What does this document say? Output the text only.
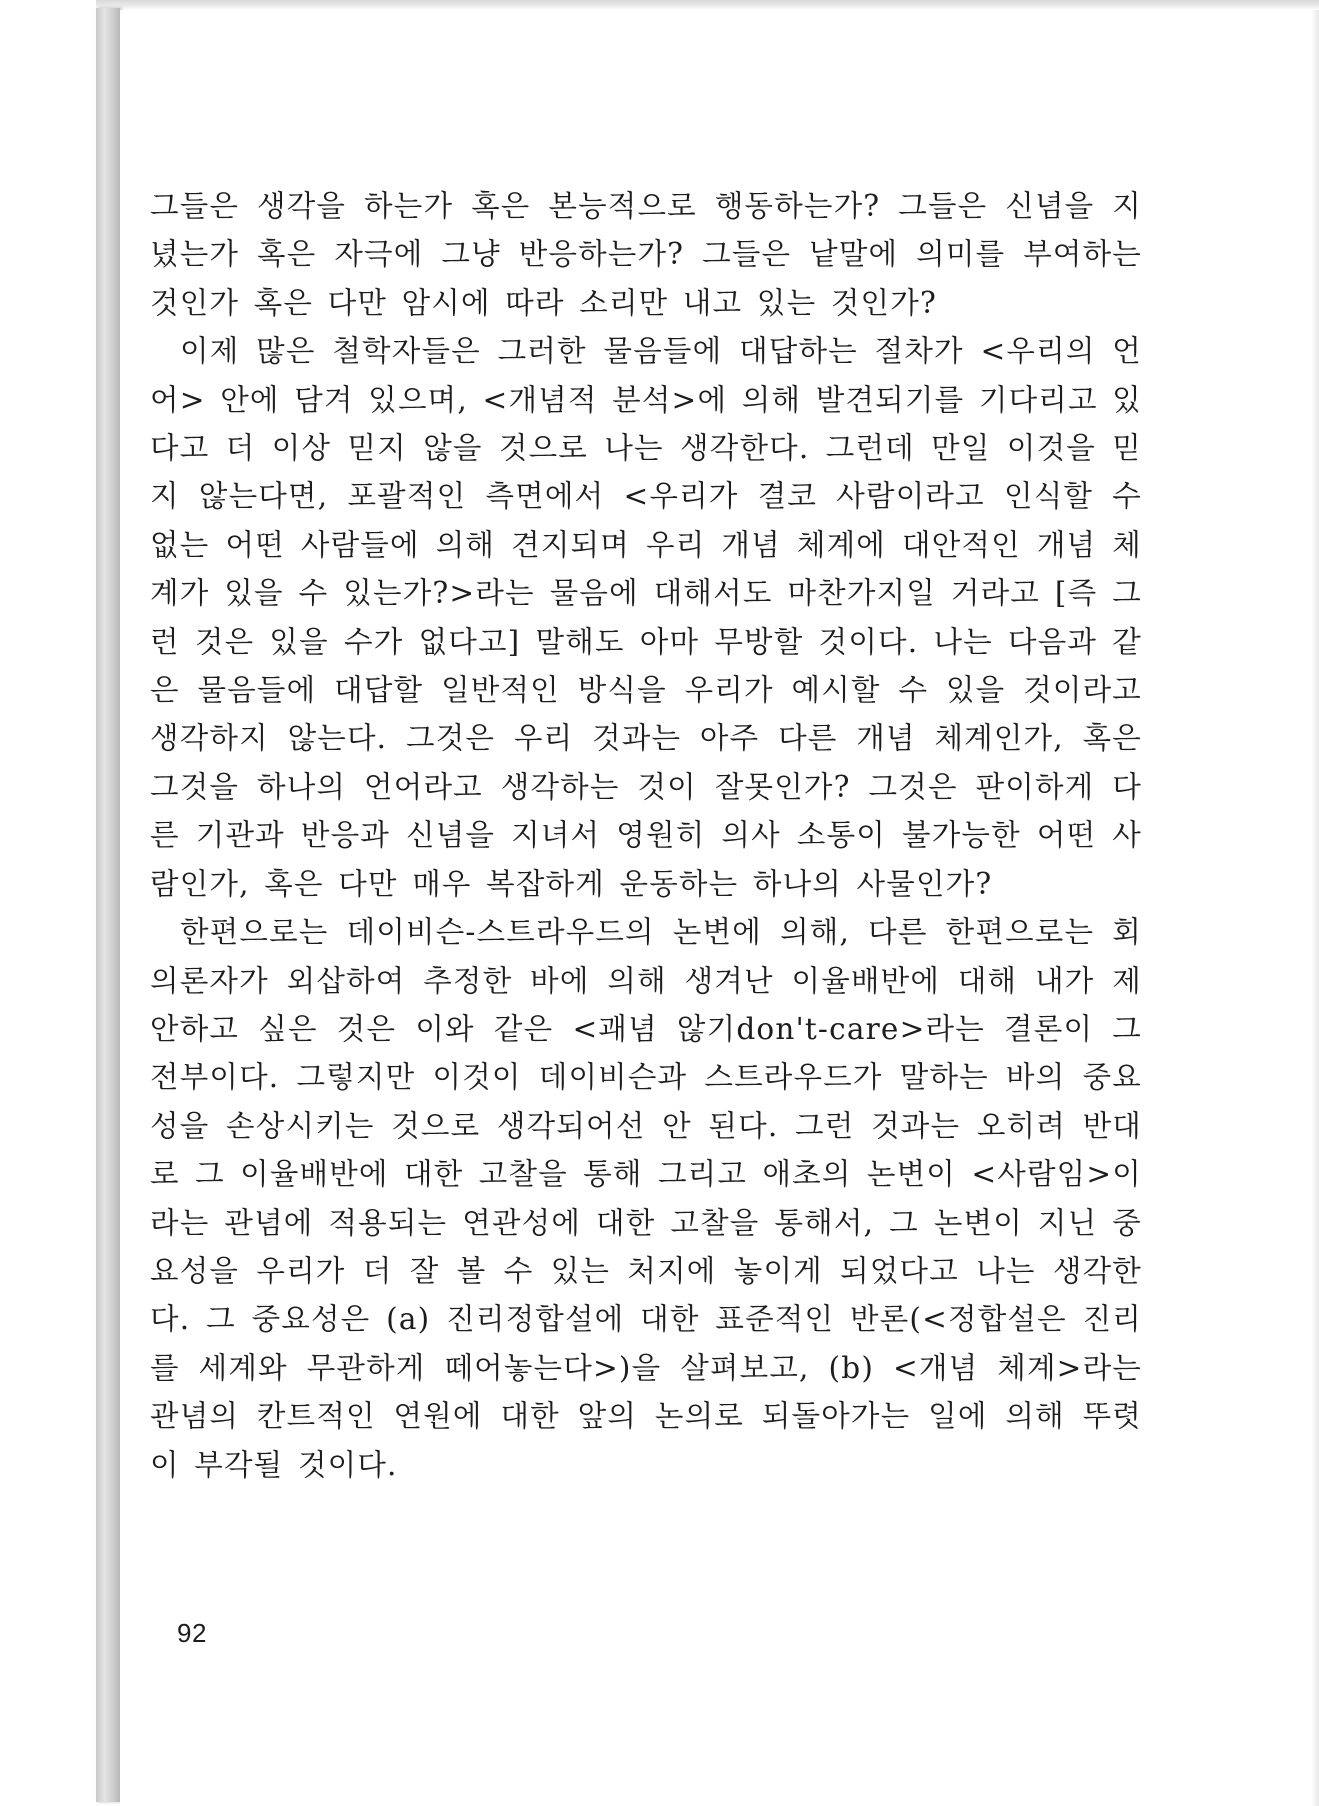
그들은 생각을 하는가 혹은 본능적으로 행동하는가? 그들은 신념을 지녔는가 혹은 자극에 그냥 반응하는가? 그들은 낱말에 의미를 부여하는 것인가 혹은 다만 암시에 따라 소리만 내고 있는 것인가?

이제 많은 철학자들은 그러한 물음들에 대답하는 절차가 <우리의 언어> 안에 담겨 있으며, <개념적 분석>에 의해 발견되기를 기다리고 있다고 더 이상 믿지 않을 것으로 나는 생각한다. 그런데 만일 이것을 믿지 않는다면, 포괄적인 측면에서 <우리가 결코 사람이라고 인식할 수 없는 어떤 사람들에 의해 견지되며 우리 개념 체계에 대안적인 개념 체계가 있을 수 있는가?>라는 물음에 대해서도 마찬가지일 거라고 [즉 그런 것은 있을 수가 없다고] 말해도 아마 무방할 것이다. 나는 다음과 같은 물음들에 대답할 일반적인 방식을 우리가 예시할 수 있을 것이라고 생각하지 않는다. 그것은 우리 것과는 아주 다른 개념 체계인가, 혹은 그것을 하나의 언어라고 생각하는 것이 잘못인가? 그것은 판이하게 다른 기관과 반응과 신념을 지녀서 영원히 의사 소통이 불가능한 어떤 사람인가, 혹은 다만 매우 복잡하게 운동하는 하나의 사물인가?

한편으로는 데이비슨-스트라우드의 논변에 의해, 다른 한편으로는 회의론자가 외삽하여 추정한 바에 의해 생겨난 이율배반에 대해 내가 제안하고 싶은 것은 이와 같은 <괘념 않기don't-care>라는 결론이 그 전부이다. 그렇지만 이것이 데이비슨과 스트라우드가 말하는 바의 중요성을 손상시키는 것으로 생각되어선 안 된다. 그런 것과는 오히려 반대로 그 이율배반에 대한 고찰을 통해 그리고 애초의 논변이 <사람임>이라는 관념에 적용되는 연관성에 대한 고찰을 통해서, 그 논변이 지닌 중요성을 우리가 더 잘 볼 수 있는 처지에 놓이게 되었다고 나는 생각한다. 그 중요성은 (a) 진리정합설에 대한 표준적인 반론(<정합설은 진리를 세계와 무관하게 떼어놓는다>)을 살펴보고, (b) <개념 체계>라는 관념의 칸트적인 연원에 대한 앞의 논의로 되돌아가는 일에 의해 뚜렷이 부각될 것이다.

92
